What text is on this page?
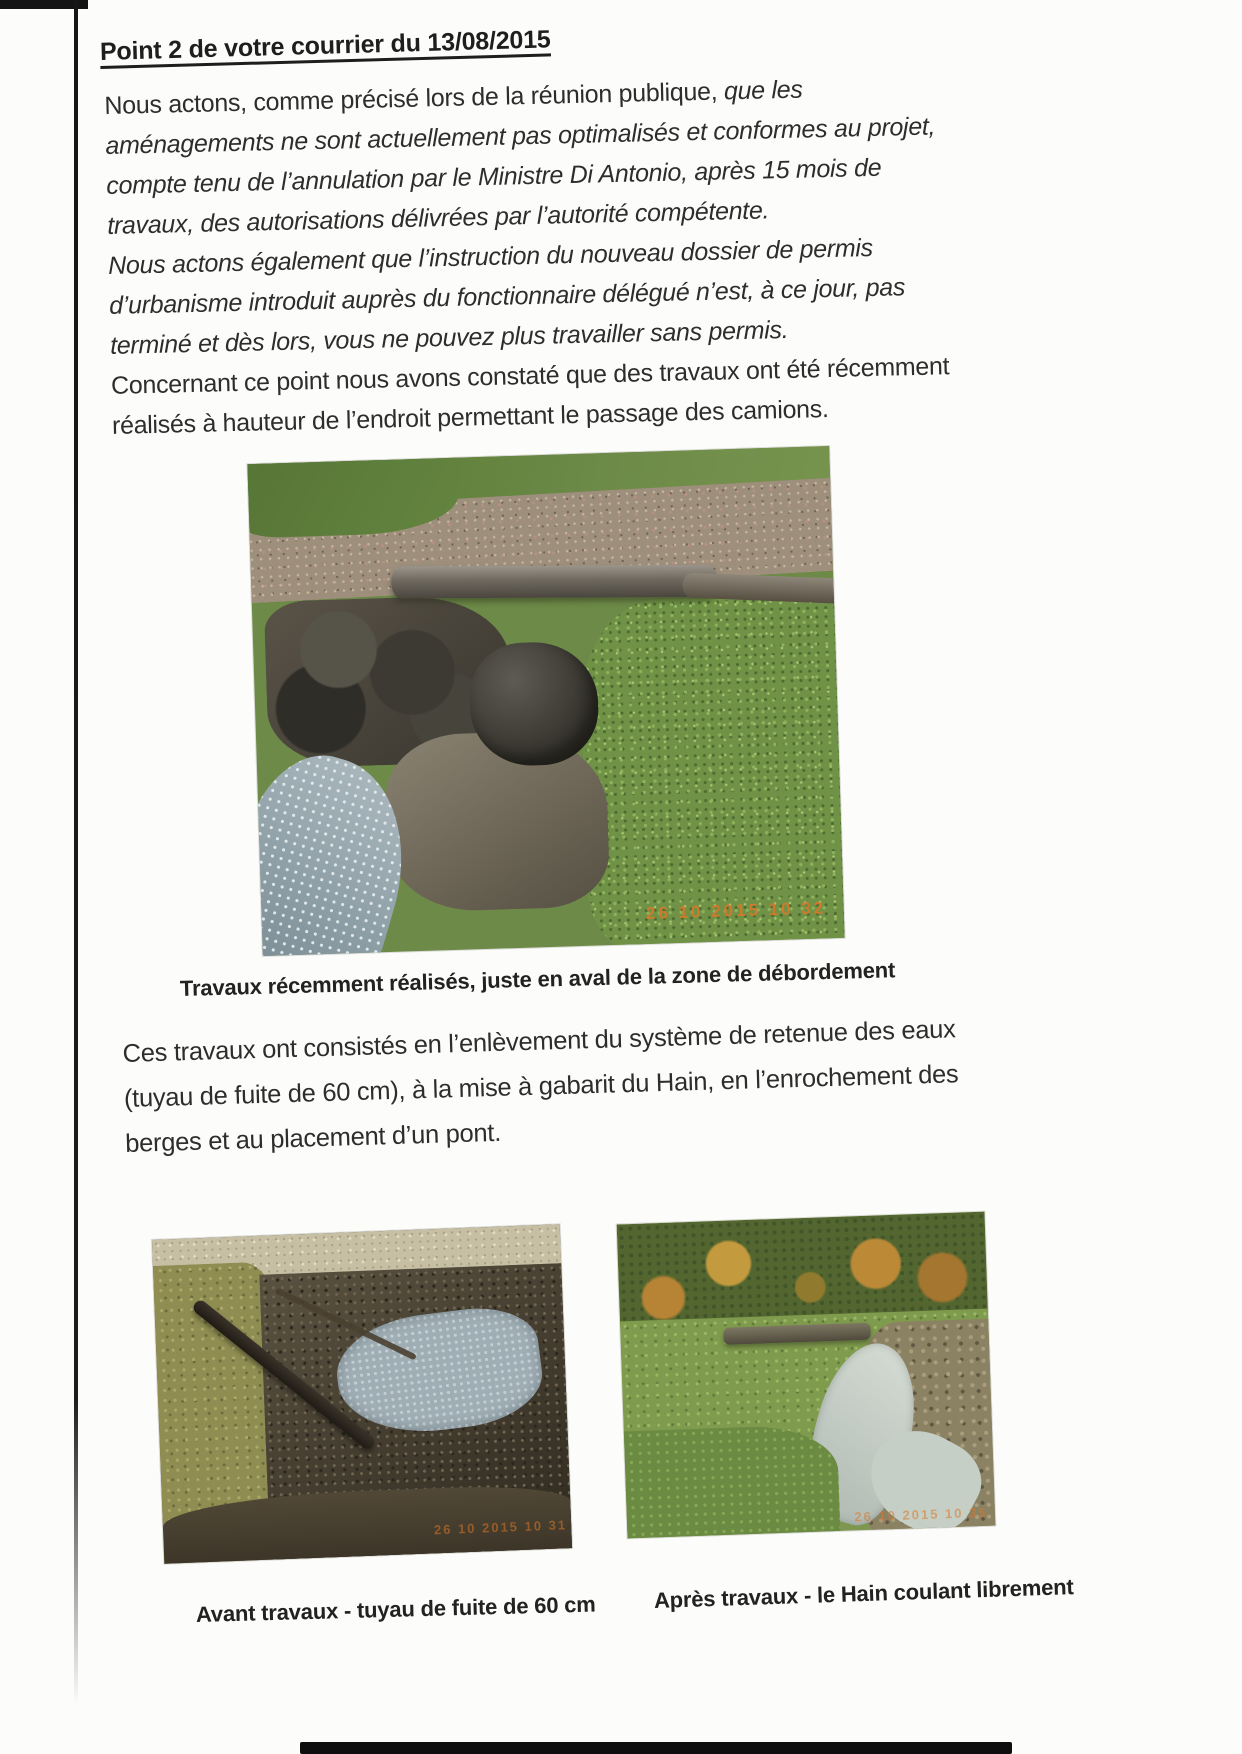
Point 2 de votre courrier du 13/08/2015
Nous actons, comme précisé lors de la réunion publique, que les
aménagements ne sont actuellement pas optimalisés et conformes au projet,
compte tenu de l’annulation par le Ministre Di Antonio, après 15 mois de
travaux, des autorisations délivrées par l’autorité compétente.
Nous actons également que l’instruction du nouveau dossier de permis
d’urbanisme introduit auprès du fonctionnaire délégué n’est, à ce jour, pas
terminé et dès lors, vous ne pouvez plus travailler sans permis.
Concernant ce point nous avons constaté que des travaux ont été récemment
réalisés à hauteur de l’endroit permettant le passage des camions.
26 10 2015 10 32
Travaux récemment réalisés, juste en aval de la zone de débordement
Ces travaux ont consistés en l’enlèvement du système de retenue des eaux
(tuyau de fuite de 60 cm), à la mise à gabarit du Hain, en l’enrochement des
berges et au placement d’un pont.
26 10 2015 10 31
26 10 2015 10 35
Avant travaux - tuyau de fuite de 60 cm	Après travaux - le Hain coulant librement
